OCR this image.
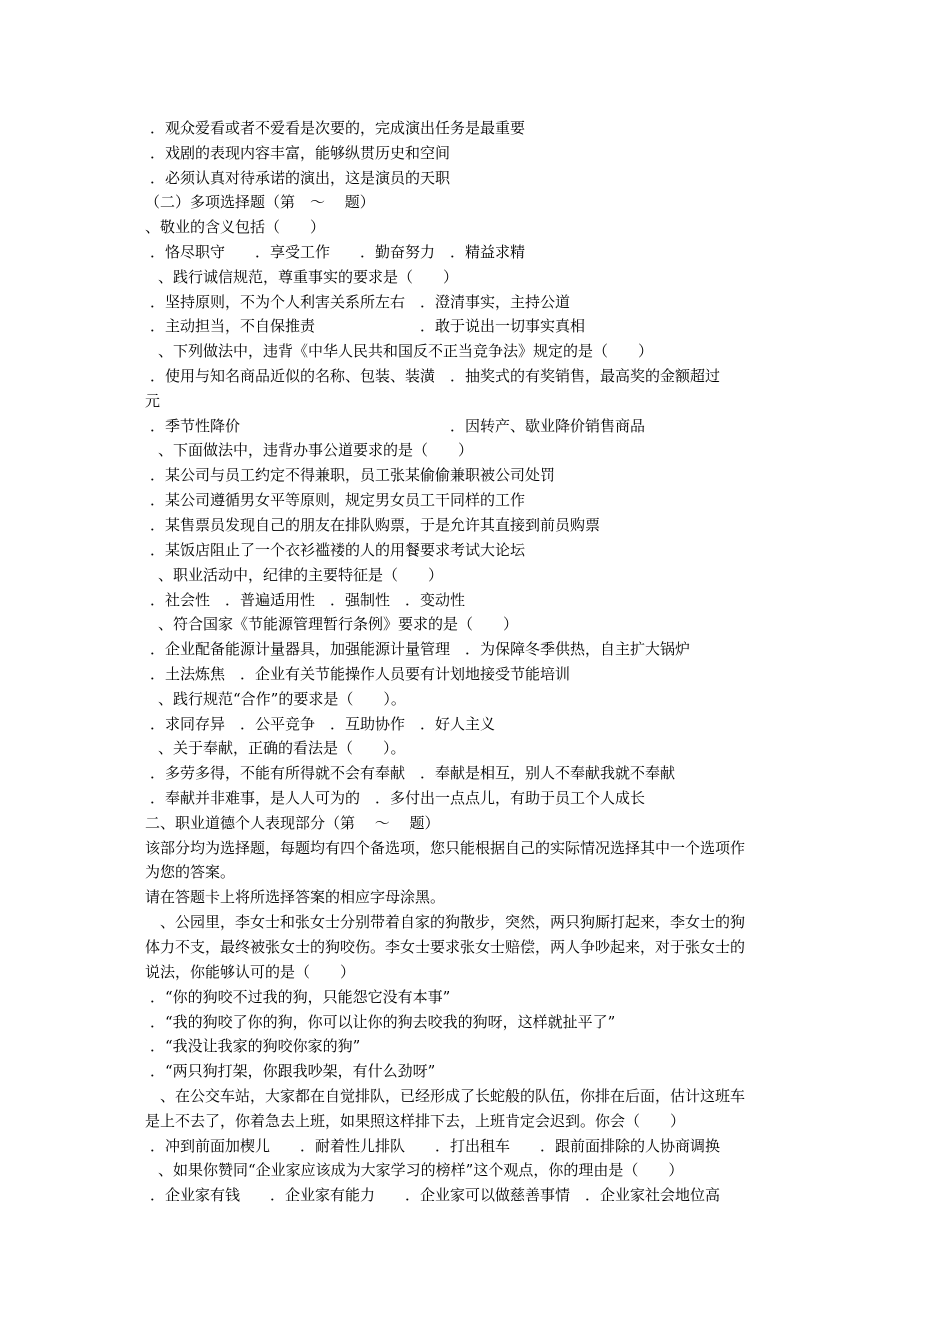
．观众爱看或者不爱看是次要的，完成演出任务是最重要
．戏剧的表现内容丰富，能够纵贯历史和空间
．必须认真对待承诺的演出，这是演员的天职
（二）多项选择题（第　～　 题）
、敬业的含义包括（　　）
．恪尽职守　　．享受工作　　．勤奋努力　．精益求精
、践行诚信规范，尊重事实的要求是（　　）
．坚持原则，不为个人利害关系所左右　．澄清事实，主持公道
．主动担当，不自保推责　　　　　　　．敢于说出一切事实真相
、下列做法中，违背《中华人民共和国反不正当竞争法》规定的是（　　）
．使用与知名商品近似的名称、包装、装潢　．抽奖式的有奖销售，最高奖的金额超过
元
．季节性降价　　　　　　　　　　　　　　．因转产、歇业降价销售商品
、下面做法中，违背办事公道要求的是（　　）
．某公司与员工约定不得兼职，员工张某偷偷兼职被公司处罚
．某公司遵循男女平等原则，规定男女员工干同样的工作
．某售票员发现自己的朋友在排队购票，于是允许其直接到前员购票
．某饭店阻止了一个衣衫褴褛的人的用餐要求考试大论坛
、职业活动中，纪律的主要特征是（　　）
．社会性　．普遍适用性　．强制性　．变动性
、符合国家《节能源管理暂行条例》要求的是（　　）
．企业配备能源计量器具，加强能源计量管理　．为保障冬季供热，自主扩大锅炉
．土法炼焦　．企业有关节能操作人员要有计划地接受节能培训
、践行规范“合作”的要求是（　　）。
．求同存异　．公平竞争　．互助协作　．好人主义
、关于奉献，正确的看法是（　　）。
．多劳多得，不能有所得就不会有奉献　．奉献是相互，别人不奉献我就不奉献
．奉献并非难事，是人人可为的　．多付出一点点儿，有助于员工个人成长
二、职业道德个人表现部分（第　 ～　 题）
该部分均为选择题，每题均有四个备选项，您只能根据自己的实际情况选择其中一个选项作
为您的答案。
请在答题卡上将所选择答案的相应字母涂黑。
　、公园里，李女士和张女士分别带着自家的狗散步，突然，两只狗厮打起来，李女士的狗
体力不支，最终被张女士的狗咬伤。李女士要求张女士赔偿，两人争吵起来，对于张女士的
说法，你能够认可的是（　　）
．“你的狗咬不过我的狗，只能怨它没有本事”
．“我的狗咬了你的狗，你可以让你的狗去咬我的狗呀，这样就扯平了”
．“我没让我家的狗咬你家的狗”
．“两只狗打架，你跟我吵架，有什么劲呀”
　、在公交车站，大家都在自觉排队，已经形成了长蛇般的队伍，你排在后面，估计这班车
是上不去了，你着急去上班，如果照这样排下去，上班肯定会迟到。你会（　　）
．冲到前面加楔儿　　．耐着性儿排队　　．打出租车　　．跟前面排除的人协商调换
、如果你赞同“企业家应该成为大家学习的榜样”这个观点，你的理由是（　　）
．企业家有钱　　．企业家有能力　　．企业家可以做慈善事情　．企业家社会地位高
